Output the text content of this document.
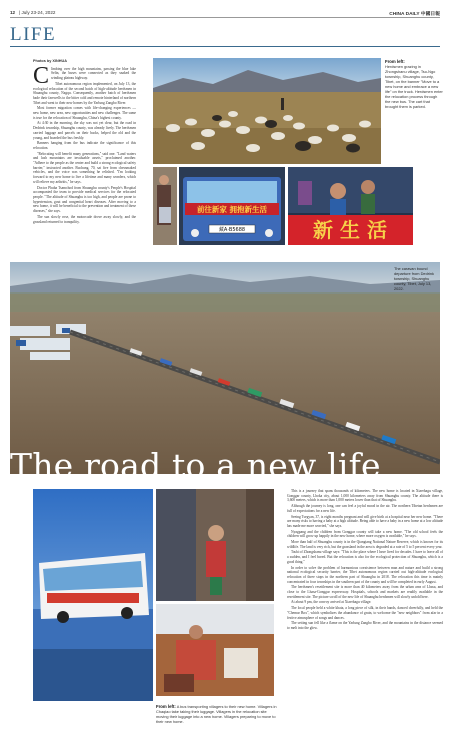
12 | July 23-24, 2022	CHINA DAILY 中國日報
LIFE
Photos by XINHUA
C limbing over the high mountains, passing the blue lake Selin, the buses were connected as they snaked the winding plateau highway.

Tibet autonomous region implemented, on July 13, the ecological relocation of the second batch of high-altitude herdsmen in Shuanghu county, Nagqu. Consequently, another batch of herdsmen bade their farewells to the bitter cold and remote hinterland of northern Tibet and went to their new homes by the Yarlung Zangbo River.

Most former migration comes with life-changing experiences — new home, new area, new opportunities and new challenges. The same is true for the relocation of Shuanghu, China's highest county.

At 4:30 in the morning, the sky was not yet clear, but the road in Dedrink township, Shuanghu county, was already lively. The herdsmen carried luggage and parcels on their backs, helped the old and the young, and boarded the bus freshly.

Banners hanging from the bus indicate the significance of this relocation.

"Relocating will benefit many generations," said one. "Land waters and lush mountains are invaluable assets," proclaimed another. "Adhere to the people as the center and build a strong ecological safety barrier," instructed another. Buchung, 70, sat five from chessmaked vehicles, and the voice was something he relished. "I'm looking forward to my new home to live a lifetime and many wonders, which will relieve my arthritis," he says.

Doctor Phuba Tsamchod from Shuanghu county's People's Hospital accompanied the team to provide medical services for the relocated people. "The altitude of Shuanghu is too high, and people are prone to hypertension, gout and congenital heart diseases. After moving to a new home, it will be beneficial to the prevention and treatment of these diseases," she says.

The sun slowly rose, the motorcade drove away slowly, and the grassland returned to tranquility.

From left:
Herdsmen grazing in Zhongshanu village, Tso-Ngo township, Shuanghu county, Tibet, on the banner "Move to a new home and embrace a new life" on the truck. Herdsmen enter the relocation process through the new bus. The cart that brought them is parked.
前往新家 拥抱新生活
藏A·B5688	新 生 活
The caravan bound departure from Dedrink township, Shuanghu county, Tibet, July 13, 2022.
The road to a new life

This is a journey that spans thousands of kilometers. The new home is located in Xiaerbagu village, Gonggar county, Lhoka city, about 1,000 kilometers away from Shuanghu county. The altitude there is 3,600 meters, which is more than 1,000 meters lower than that of Shuanghu.

Although the journey is long, one can feel a joyful mood in the air. The northern Tibetan herdsmen are full of expectations for a new life.

Seeing Tsegyan, 37, is eight months pregnant and will give birth at a hospital near her new home. "There are many risks to having a baby at a high altitude. Being able to have a baby in a new home at a low altitude has made me more worried," she says.

Nyagpang and the children from Gonggar county will take a new home. "The old school feels the children will grow up happily in the new home, where more oxygen is available," he says.

More than half of Shuanghu county is in the Qiangtang National Nature Reserve, which is known for its wildlife. The land is very rich, but the grassland in the area is degraded at a rate of 5 to 5 percent every year.

Tashi of Zhongshanu village says: "This is the place where I have lived for decades. I have to leave all of a sudden, and I feel bored. But the relocation is also for the ecological protection of Shuanghu, which is a good thing."

In order to solve the problem of harmonious coexistence between man and nature and build a strong national ecological security barrier, the Tibet autonomous region carried out high-altitude ecological relocation of three stops in the northern part of Shuanghu in 2018. The relocation this time is mainly concentrated in four townships in the southern part of the county and will be completed in early August.

The herdsmen's resettlement site is more than 40 kilometers away from the urban area of Lhasa, and close to the Lhasa-Gonggar expressway. Hospitals, schools and markets are readily available in the resettlement site. The picture scroll of the new life of Shuanghu herdsmen will slowly unfold here.

At about 9 pm, the convoy arrived at Xiaerbagu village.

The local people held a white khata, a long piece of silk, in their hands, danced cheerfully, and held the "Chemar Box", which symbolizes the abundance of grain, to welcome the "new neighbors" from afar in a festive atmosphere of songs and dances.

The setting sun fell like a flame on the Yarlung Zangbo River, and the mountains in the distance seemed to melt into the glow.

From left: A bus transporting villagers to their new home. Villagers in Chaqiao take taking their luggage. Villagers in the relocation site moving their luggage into a new home. Villagers preparing to move to their new home.
